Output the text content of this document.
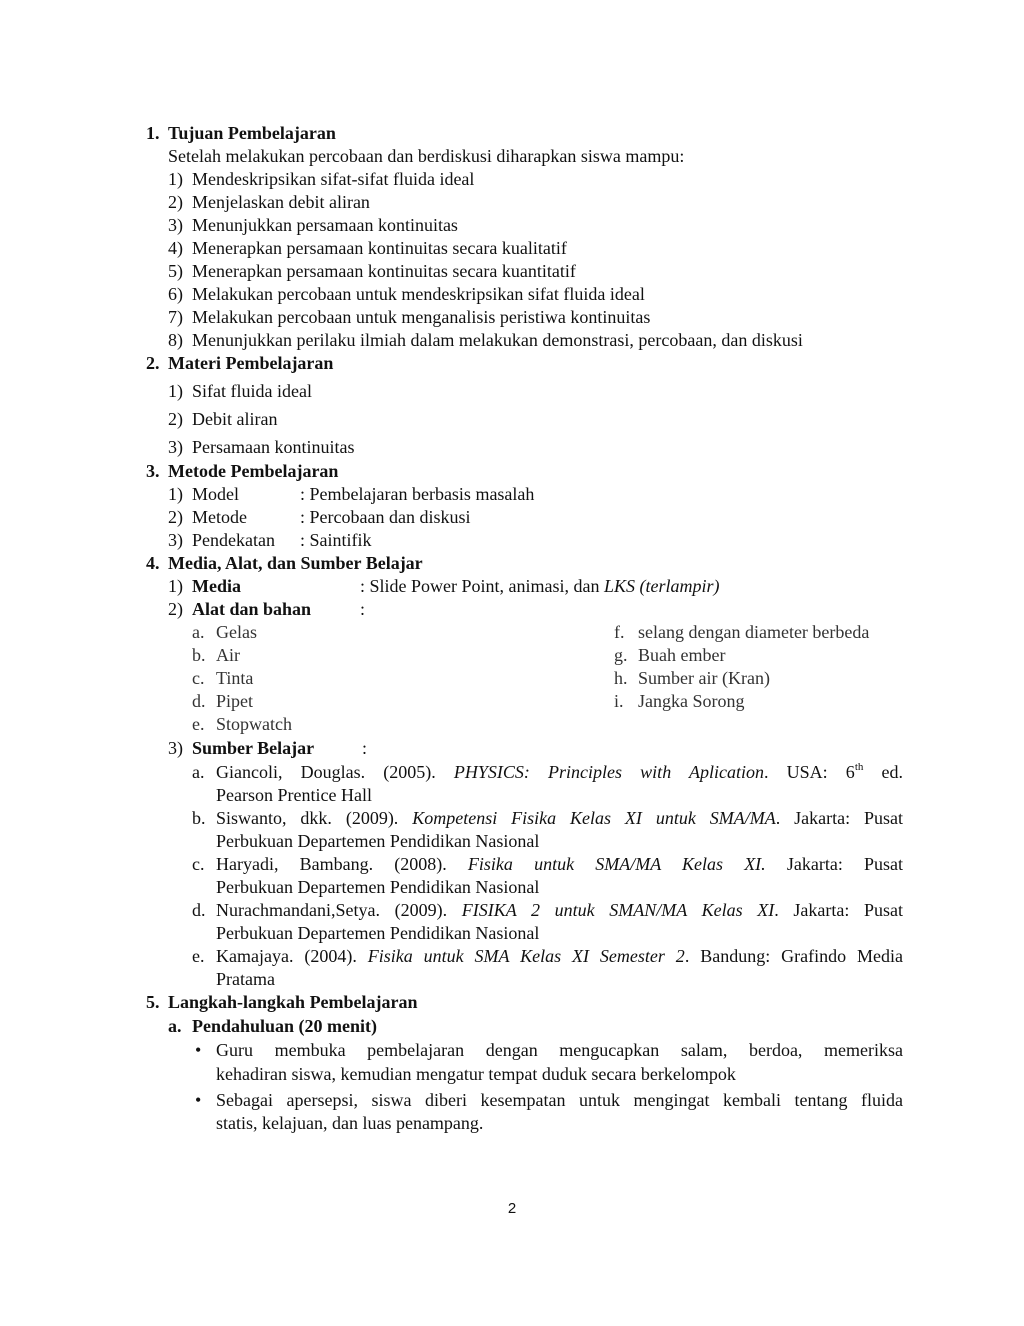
1. Tujuan Pembelajaran
Setelah melakukan percobaan dan berdiskusi diharapkan siswa mampu:
1) Mendeskripsikan sifat-sifat fluida ideal
2) Menjelaskan debit aliran
3) Menunjukkan persamaan kontinuitas
4) Menerapkan persamaan kontinuitas secara kualitatif
5) Menerapkan persamaan kontinuitas secara kuantitatif
6) Melakukan percobaan untuk mendeskripsikan sifat fluida ideal
7) Melakukan percobaan untuk menganalisis peristiwa kontinuitas
8) Menunjukkan perilaku ilmiah dalam melakukan demonstrasi, percobaan, dan diskusi
2. Materi Pembelajaran
1) Sifat fluida ideal
2) Debit aliran
3) Persamaan kontinuitas
3. Metode Pembelajaran
1) Model	: Pembelajaran berbasis masalah
2) Metode	: Percobaan dan diskusi
3) Pendekatan : Saintifik
4. Media, Alat, dan Sumber Belajar
1) Media	: Slide Power Point, animasi, dan LKS (terlampir)
2) Alat dan bahan	:
a. Gelas
b. Air
c. Tinta
d. Pipet
e. Stopwatch
f. selang dengan diameter berbeda
g. Buah ember
h. Sumber air (Kran)
i. Jangka Sorong
3) Sumber Belajar	:
a. Giancoli, Douglas. (2005). PHYSICS: Principles with Aplication. USA: 6th ed.
Pearson Prentice Hall
b. Siswanto, dkk. (2009). Kompetensi Fisika Kelas XI untuk SMA/MA. Jakarta: Pusat
Perbukuan Departemen Pendidikan Nasional
c. Haryadi, Bambang. (2008). Fisika untuk SMA/MA Kelas XI. Jakarta: Pusat
Perbukuan Departemen Pendidikan Nasional
d. Nurachmandani,Setya. (2009). FISIKA 2 untuk SMAN/MA Kelas XI. Jakarta: Pusat
Perbukuan Departemen Pendidikan Nasional
e. Kamajaya. (2004). Fisika untuk SMA Kelas XI Semester 2. Bandung: Grafindo Media
Pratama
5. Langkah-langkah Pembelajaran
a. Pendahuluan (20 menit)
• Guru membuka pembelajaran dengan mengucapkan salam, berdoa, memeriksa
kehadiran siswa, kemudian mengatur tempat duduk secara berkelompok
• Sebagai apersepsi, siswa diberi kesempatan untuk mengingat kembali tentang fluida
statis, kelajuan, dan luas penampang.
2
